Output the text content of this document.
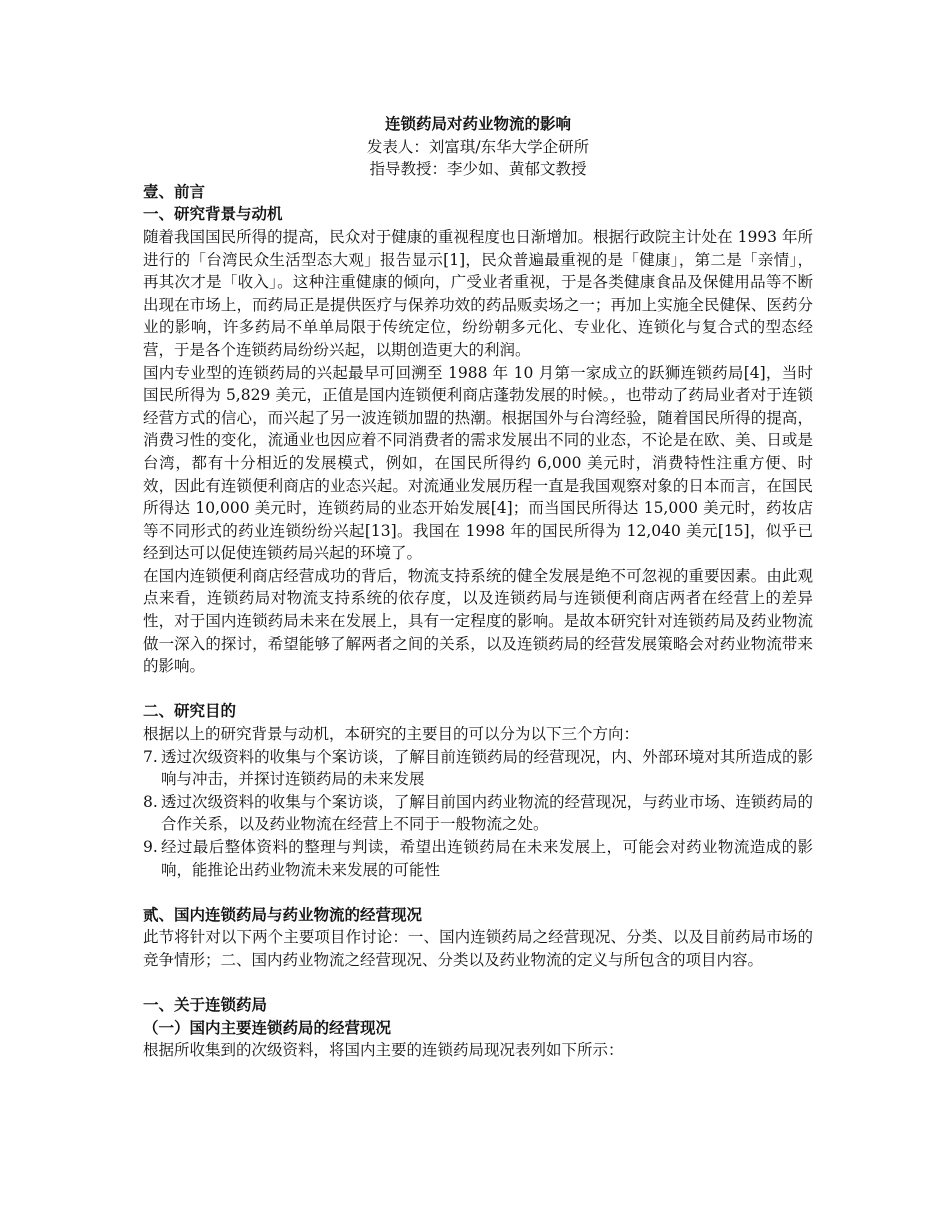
连锁药局对药业物流的影响
发表人：刘富琪/东华大学企研所
指导教授：李少如、黄郁文教授
壹、前言
一、研究背景与动机

随着我国国民所得的提高，民众对于健康的重视程度也日渐增加。根据行政院主计处在 1993 年所进行的「台湾民众生活型态大观」报告显示[1]，民众普遍最重视的是「健康」，第二是「亲情」，再其次才是「收入」。这种注重健康的倾向，广受业者重视，于是各类健康食品及保健用品等不断出现在市场上，而药局正是提供医疗与保养功效的药品贩卖场之一；再加上实施全民健保、医药分业的影响，许多药局不单单局限于传统定位，纷纷朝多元化、专业化、连锁化与复合式的型态经营，于是各个连锁药局纷纷兴起，以期创造更大的利润。

国内专业型的连锁药局的兴起最早可回溯至 1988 年 10 月第一家成立的跃狮连锁药局[4]，当时国民所得为 5,829 美元，正值是国内连锁便利商店蓬勃发展的时候。，也带动了药局业者对于连锁经营方式的信心，而兴起了另一波连锁加盟的热潮。根据国外与台湾经验，随着国民所得的提高，消费习性的变化，流通业也因应着不同消费者的需求发展出不同的业态，不论是在欧、美、日或是台湾，都有十分相近的发展模式，例如，在国民所得约 6,000 美元时，消费特性注重方便、时效，因此有连锁便利商店的业态兴起。对流通业发展历程一直是我国观察对象的日本而言，在国民所得达 10,000 美元时，连锁药局的业态开始发展[4]；而当国民所得达 15,000 美元时，药妆店等不同形式的药业连锁纷纷兴起[13]。我国在 1998 年的国民所得为 12,040 美元[15]，似乎已经到达可以促使连锁药局兴起的环境了。

在国内连锁便利商店经营成功的背后，物流支持系统的健全发展是绝不可忽视的重要因素。由此观点来看，连锁药局对物流支持系统的依存度，以及连锁药局与连锁便利商店两者在经营上的差异性，对于国内连锁药局未来在发展上，具有一定程度的影响。是故本研究针对连锁药局及药业物流做一深入的探讨，希望能够了解两者之间的关系，以及连锁药局的经营发展策略会对药业物流带来的影响。

二、研究目的

根据以上的研究背景与动机，本研究的主要目的可以分为以下三个方向：

7. 透过次级资料的收集与个案访谈，了解目前连锁药局的经营现况，内、外部环境对其所造成的影响与冲击，并探讨连锁药局的未来发展
8. 透过次级资料的收集与个案访谈，了解目前国内药业物流的经营现况，与药业市场、连锁药局的合作关系，以及药业物流在经营上不同于一般物流之处。
9. 经过最后整体资料的整理与判读，希望出连锁药局在未来发展上，可能会对药业物流造成的影响，能推论出药业物流未来发展的可能性
贰、国内连锁药局与药业物流的经营现况

此节将针对以下两个主要项目作讨论：一、国内连锁药局之经营现况、分类、以及目前药局市场的竞争情形；二、国内药业物流之经营现况、分类以及药业物流的定义与所包含的项目内容。

一、关于连锁药局
（一）国内主要连锁药局的经营现况

根据所收集到的次级资料，将国内主要的连锁药局现况表列如下所示：
